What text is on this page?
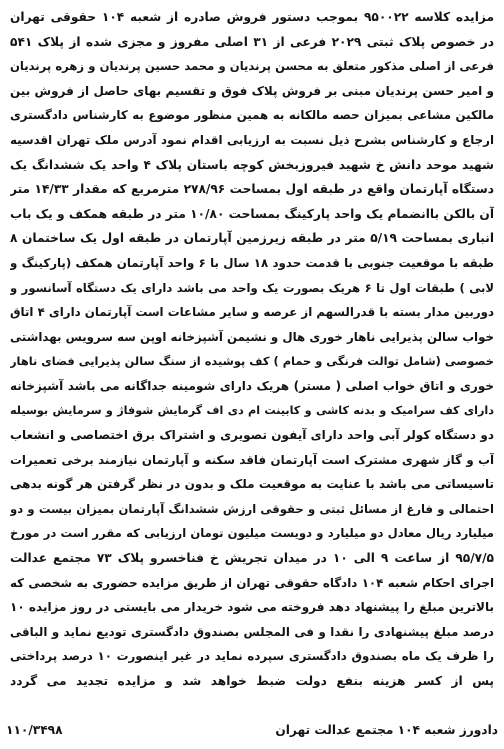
مزایده کلاسه ۹۵۰۰۲۲ بموجب دستور فروش صادره از شعبه ۱۰۴ حقوقی تهران
در خصوص پلاک ثبتی ۲۰۲۹ فرعی از ۳۱ اصلی مفروز و مجزی شده از پلاک ۵۴۱
فرعی از اصلی مذکور متعلق به محسن پرندیان و محمد حسین پرندیان و زهره پرندیان
و امیر حسن پرندیان مبنی بر فروش پلاک فوق و تقسیم بهای حاصل از فروش بین
مالکین مشاعی بمیزان حصه مالکانه به همین منظور موضوع به کارشناس دادگستری
ارجاع و کارشناس بشرح ذیل نسبت به ارزیابی اقدام نمود آدرس ملک تهران اقدسیه
شهید موحد دانش خ شهید فیروزبخش کوچه باستان پلاک ۴ واحد یک ششدانگ یک
دستگاه آپارتمان واقع در طبقه اول بمساحت ۲۷۸/۹۶ مترمربع که مقدار ۱۴/۳۳ متر
آن بالکن باانضمام یک واحد پارکینگ بمساحت ۱۰/۸۰ متر در طبقه همکف و یک باب
انباری بمساحت ۵/۱۹ متر در طبقه زیرزمین آپارتمان در طبقه اول یک ساختمان ۸
طبقه با موقعیت جنوبی با قدمت حدود ۱۸ سال با ۶ واحد آپارتمان همکف (پارکینگ و
لابی ) طبقات اول تا ۶ هریک بصورت یک واحد می باشد دارای یک دستگاه آسانسور و
دوربین مدار بسته با قدرالسهم از عرصه و سایر مشاعات است آپارتمان دارای ۴ اتاق
خواب سالن پذیرایی ناهار خوری هال و نشیمن آشپزخانه اوپن سه سرویس بهداشتی
خصوصی (شامل توالت فرنگی و حمام ) کف پوشیده از سنگ سالن پذیرایی فضای ناهار
خوری و اتاق خواب اصلی ( مستر) هریک دارای شومینه جداگانه می باشد آشپزخانه
دارای کف سرامیک و بدنه کاشی و کابینت ام دی اف گرمایش شوفاژ و سرمایش بوسیله
دو دستگاه کولر آبی واحد دارای آیفون تصویری و اشتراک برق اختصاصی و انشعاب
آب و گاز شهری مشترک است آپارتمان فاقد سکنه و آپارتمان نیازمند برخی تعمیرات
تاسیساتی می باشد با عنایت به موقعیت ملک و بدون در نظر گرفتن هر گونه بدهی
احتمالی و فارغ از مسائل ثبتی و حقوقی ارزش ششدانگ آپارتمان بمیزان بیست و دو
میلیارد ریال معادل دو میلیارد و دویست میلیون تومان ارزیابی که مقرر است در مورخ
۹۵/۷/۵ از ساعت ۹ الی ۱۰ در میدان تجریش خ فناخسرو پلاک ۷۳ مجتمع عدالت
اجرای احکام شعبه ۱۰۴ دادگاه حقوقی تهران از طریق مزایده حضوری به شخصی که
بالاترین مبلغ را پیشنهاد دهد فروخته می شود خریدار می بایستی در روز مزایده ۱۰
درصد مبلغ پیشنهادی را نقدا و فی المجلس بصندوق دادگستری تودیع نماید و الباقی
را ظرف یک ماه بصندوق دادگستری سپرده نماید در غیر اینصورت ۱۰ درصد پرداختی
پس از کسر هزینه بنفع دولت ضبط خواهد شد و مزایده تجدید می گردد
دادورز شعبه ۱۰۴ مجتمع عدالت تهران
۱۱۰/۳۴۹۸
